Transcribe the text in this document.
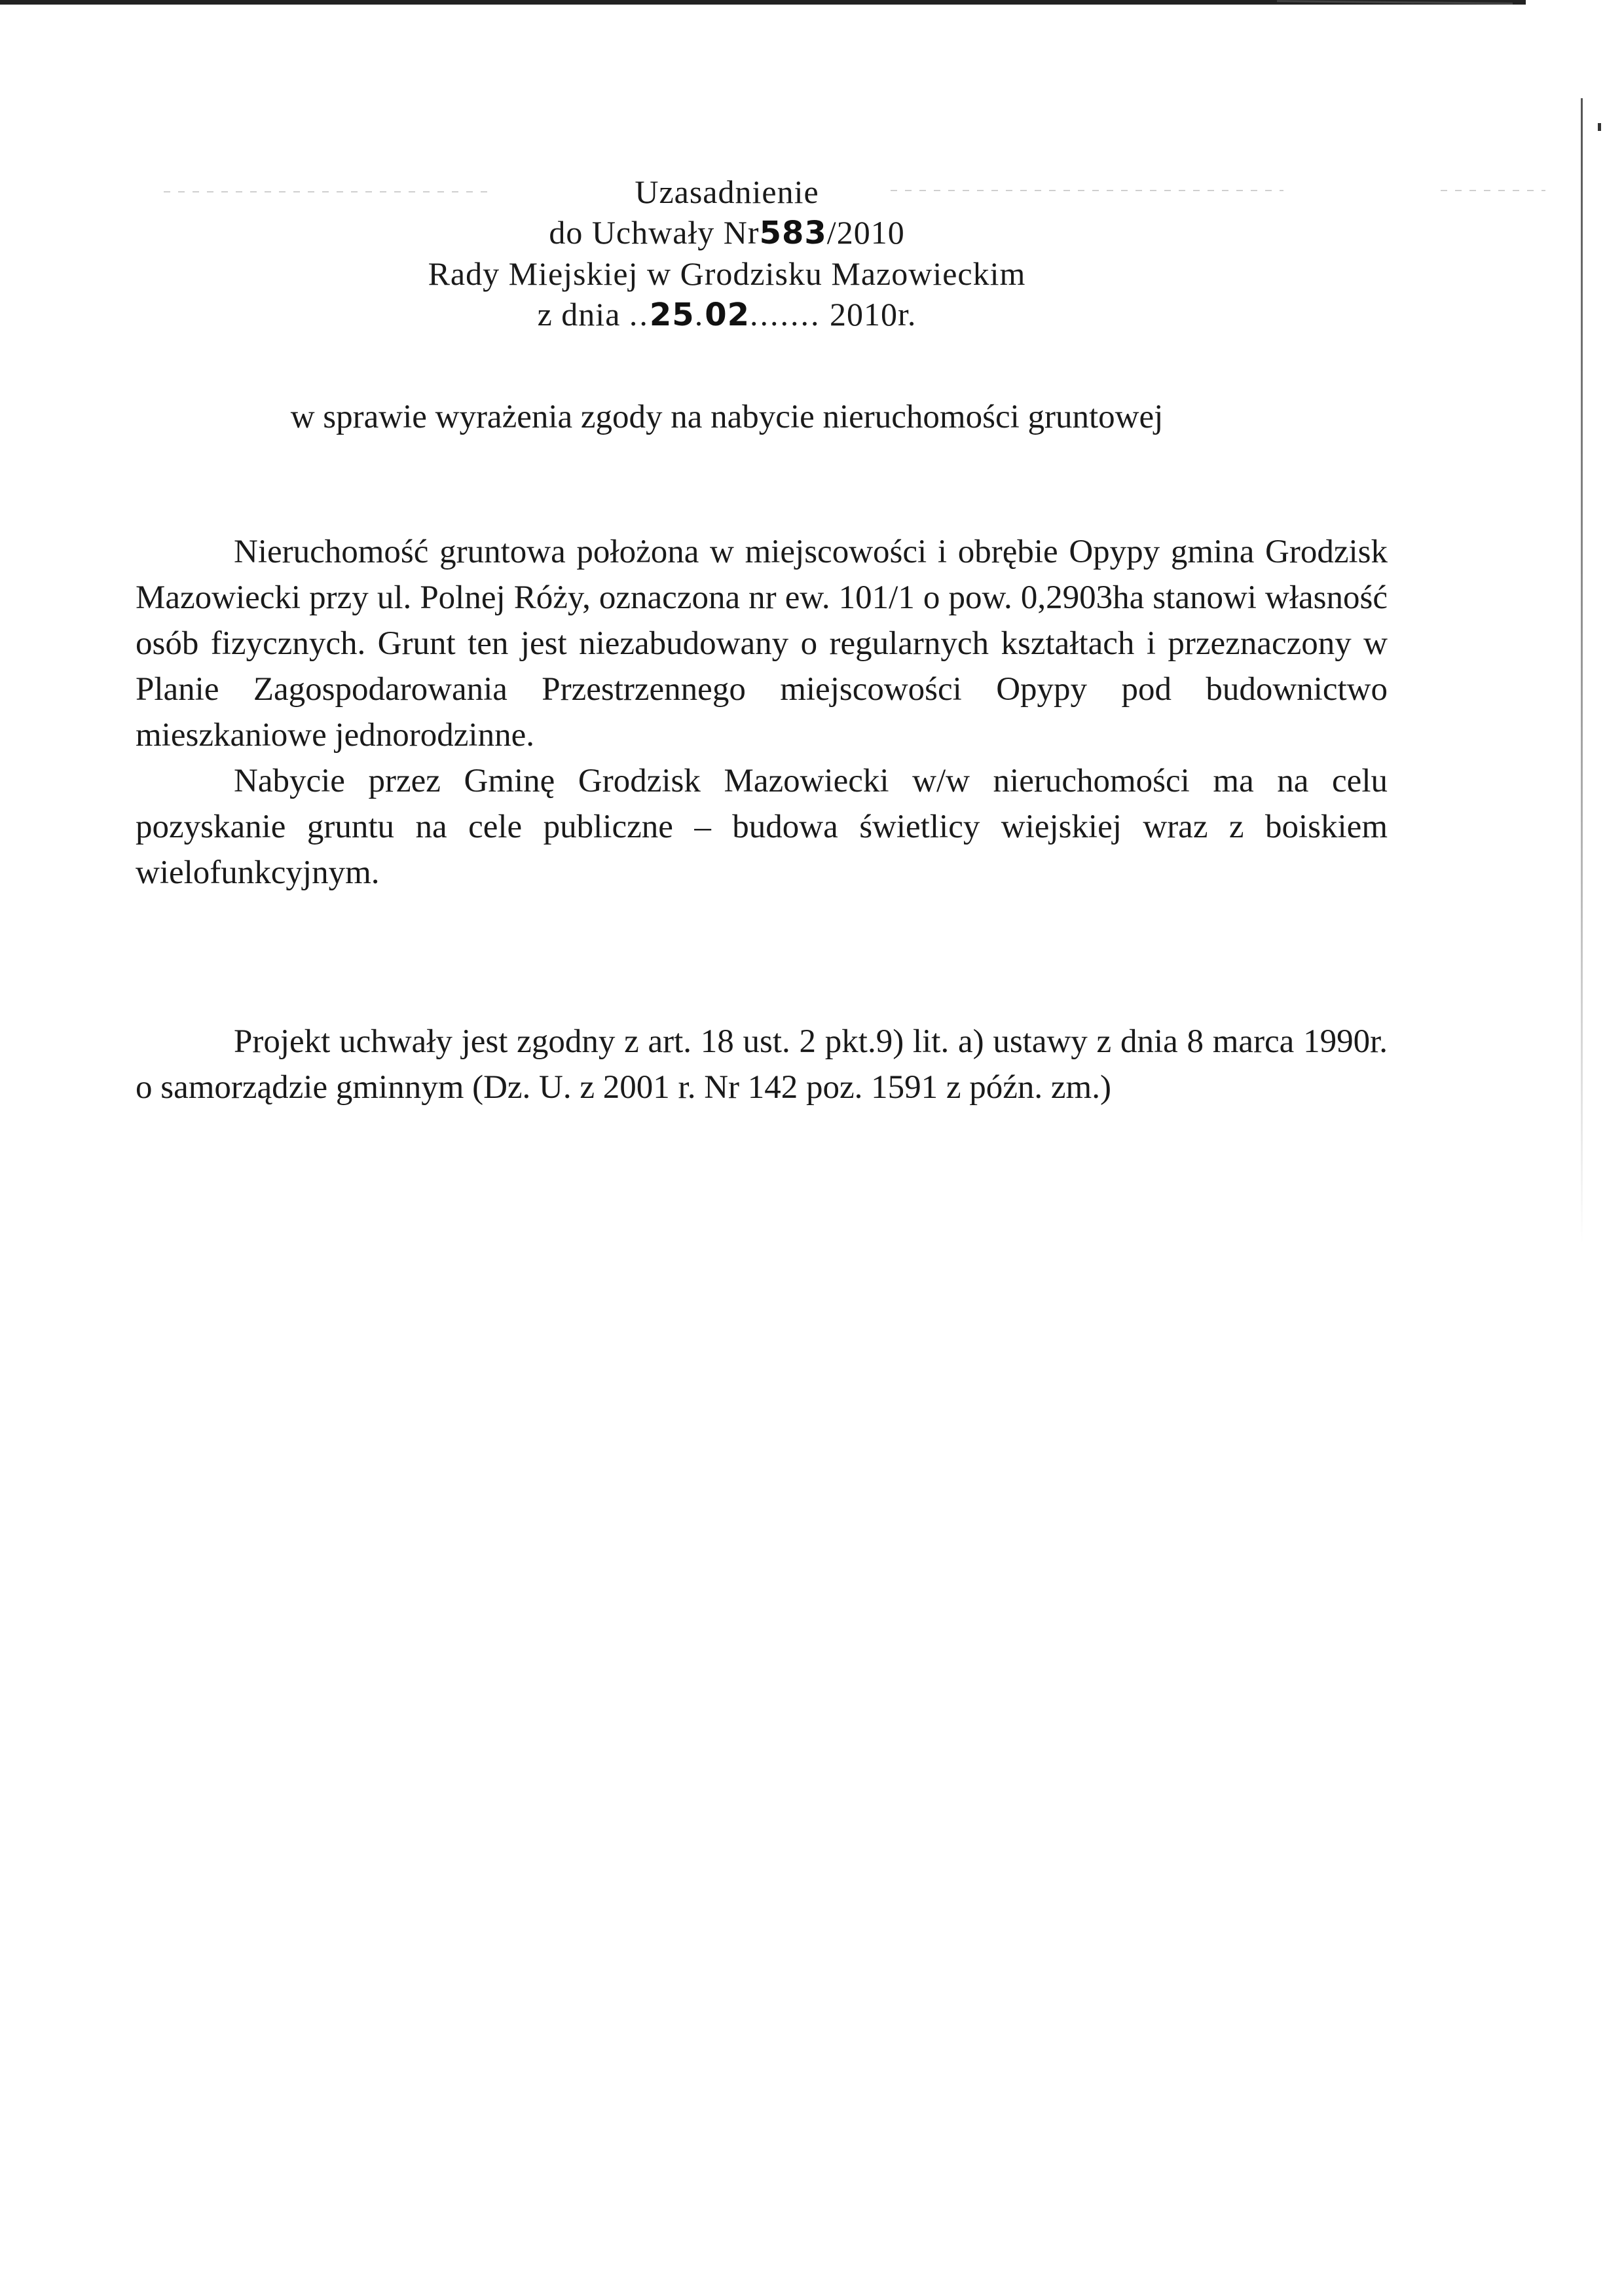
Uzasadnienie
do Uchwały Nr583/2010
Rady Miejskiej w Grodzisku Mazowieckim
z dnia ..25.02....... 2010r.
w sprawie wyrażenia zgody na nabycie nieruchomości gruntowej

Nieruchomość gruntowa położona w miejscowości i obrębie Opypy gmina Grodzisk Mazowiecki przy ul. Polnej Róży, oznaczona nr ew. 101/1 o pow. 0,2903ha stanowi własność osób fizycznych. Grunt ten jest niezabudowany o regularnych kształtach i przeznaczony w Planie Zagospodarowania Przestrzennego miejscowości Opypy pod budownictwo mieszkaniowe jednorodzinne.

Nabycie przez Gminę Grodzisk Mazowiecki w/w nieruchomości ma na celu pozyskanie gruntu na cele publiczne – budowa świetlicy wiejskiej wraz z boiskiem wielofunkcyjnym.

Projekt uchwały jest zgodny z art. 18 ust. 2 pkt.9) lit. a) ustawy z dnia 8 marca 1990r. o samorządzie gminnym (Dz. U. z 2001 r. Nr 142 poz. 1591 z późn. zm.)
